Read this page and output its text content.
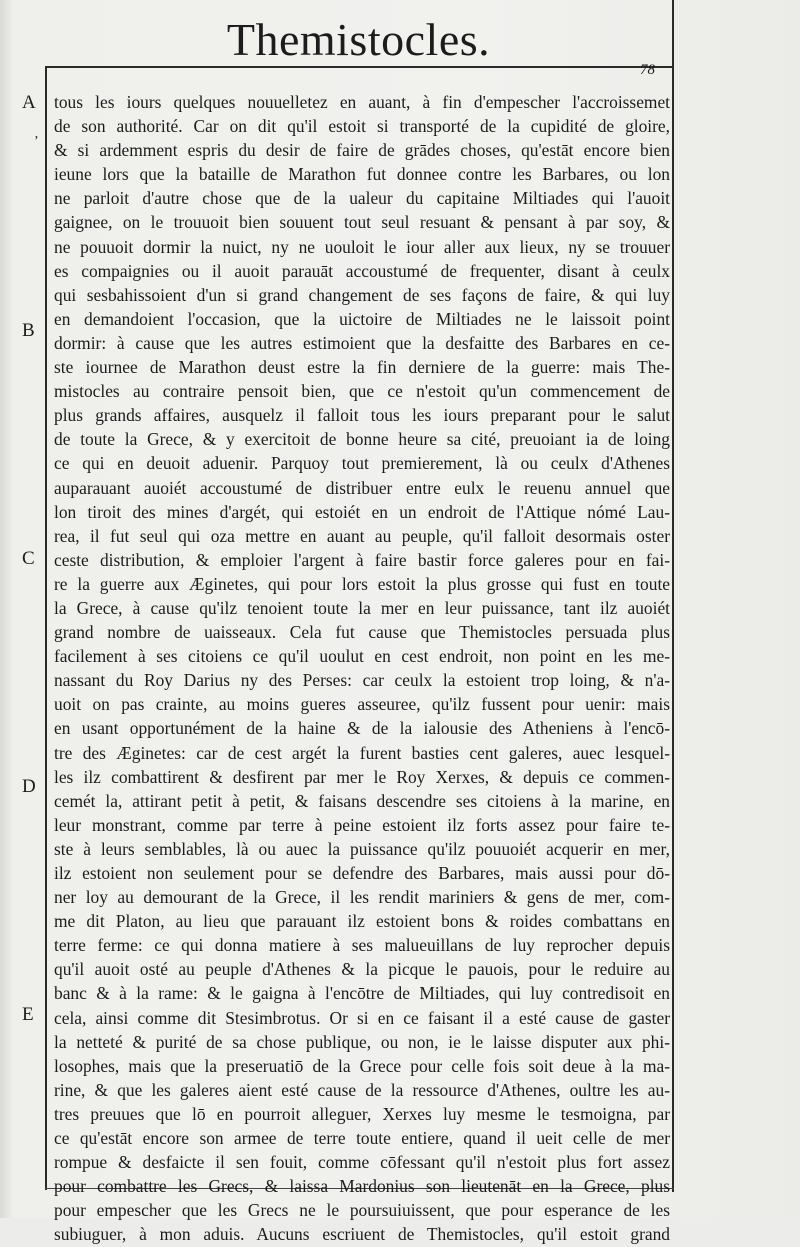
Themistocles.
78
A
’
B
C
D
E
tous les iours quelques nouuelletez en auant, à fin d'empescher l'accroissemet
de son authorité. Car on dit qu'il estoit si transporté de la cupidité de gloire,
& si ardemment espris du desir de faire de grādes choses, qu'estāt encore bien
ieune lors que la bataille de Marathon fut donnee contre les Barbares, ou lon
ne parloit d'autre chose que de la ualeur du capitaine Miltiades qui l'auoit
gaignee, on le trouuoit bien souuent tout seul resuant & pensant à par soy, &
ne pouuoit dormir la nuict, ny ne uouloit le iour aller aux lieux, ny se trouuer
es compaignies ou il auoit parauāt accoustumé de frequenter, disant à ceulx
qui sesbahissoient d'un si grand changement de ses façons de faire, & qui luy
en demandoient l'occasion, que la uictoire de Miltiades ne le laissoit point
dormir: à cause que les autres estimoient que la desfaitte des Barbares en ce-
ste iournee de Marathon deust estre la fin derniere de la guerre: mais The-
mistocles au contraire pensoit bien, que ce n'estoit qu'un commencement de
plus grands affaires, ausquelz il falloit tous les iours preparant pour le salut
de toute la Grece, & y exercitoit de bonne heure sa cité, preuoiant ia de loing
ce qui en deuoit aduenir. Parquoy tout premierement, là ou ceulx d'Athenes
auparauant auoiét accoustumé de distribuer entre eulx le reuenu annuel que
lon tiroit des mines d'argét, qui estoiét en un endroit de l'Attique nómé Lau-
rea, il fut seul qui oza mettre en auant au peuple, qu'il falloit desormais oster
ceste distribution, & emploier l'argent à faire bastir force galeres pour en fai-
re la guerre aux Æginetes, qui pour lors estoit la plus grosse qui fust en toute
la Grece, à cause qu'ilz tenoient toute la mer en leur puissance, tant ilz auoiét
grand nombre de uaisseaux. Cela fut cause que Themistocles persuada plus
facilement à ses citoiens ce qu'il uoulut en cest endroit, non point en les me-
nassant du Roy Darius ny des Perses: car ceulx la estoient trop loing, & n'a-
uoit on pas crainte, au moins gueres asseuree, qu'ilz fussent pour uenir: mais
en usant opportunément de la haine & de la ialousie des Atheniens à l'encō-
tre des Æginetes: car de cest argét la furent basties cent galeres, auec lesquel-
les ilz combattirent & desfirent par mer le Roy Xerxes, & depuis ce commen-
cemét la, attirant petit à petit, & faisans descendre ses citoiens à la marine, en
leur monstrant, comme par terre à peine estoient ilz forts assez pour faire te-
ste à leurs semblables, là ou auec la puissance qu'ilz pouuoiét acquerir en mer,
ilz estoient non seulement pour se defendre des Barbares, mais aussi pour dō-
ner loy au demourant de la Grece, il les rendit mariniers & gens de mer, com-
me dit Platon, au lieu que parauant ilz estoient bons & roides combattans en
terre ferme: ce qui donna matiere à ses malueuillans de luy reprocher depuis
qu'il auoit osté au peuple d'Athenes & la picque le pauois, pour le reduire au
banc & à la rame: & le gaigna à l'encōtre de Miltiades, qui luy contredisoit en
cela, ainsi comme dit Stesimbrotus. Or si en ce faisant il a esté cause de gaster
la netteté & purité de sa chose publique, ou non, ie le laisse disputer aux phi-
losophes, mais que la preseruatiō de la Grece pour celle fois soit deue à la ma-
rine, & que les galeres aient esté cause de la ressource d'Athenes, oultre les au-
tres preuues que lō en pourroit alleguer, Xerxes luy mesme le tesmoigna, par
ce qu'estāt encore son armee de terre toute entiere, quand il ueit celle de mer
rompue & desfaicte il sen fouit, comme cōfessant qu'il n'estoit plus fort assez
pour combattre les Grecs, & laissa Mardonius son lieutenāt en la Grece, plus
pour empescher que les Grecs ne le poursuiuissent, que pour esperance de les
subiuguer, à mon aduis. Aucuns escriuent de Themistocles, qu'il estoit grand
